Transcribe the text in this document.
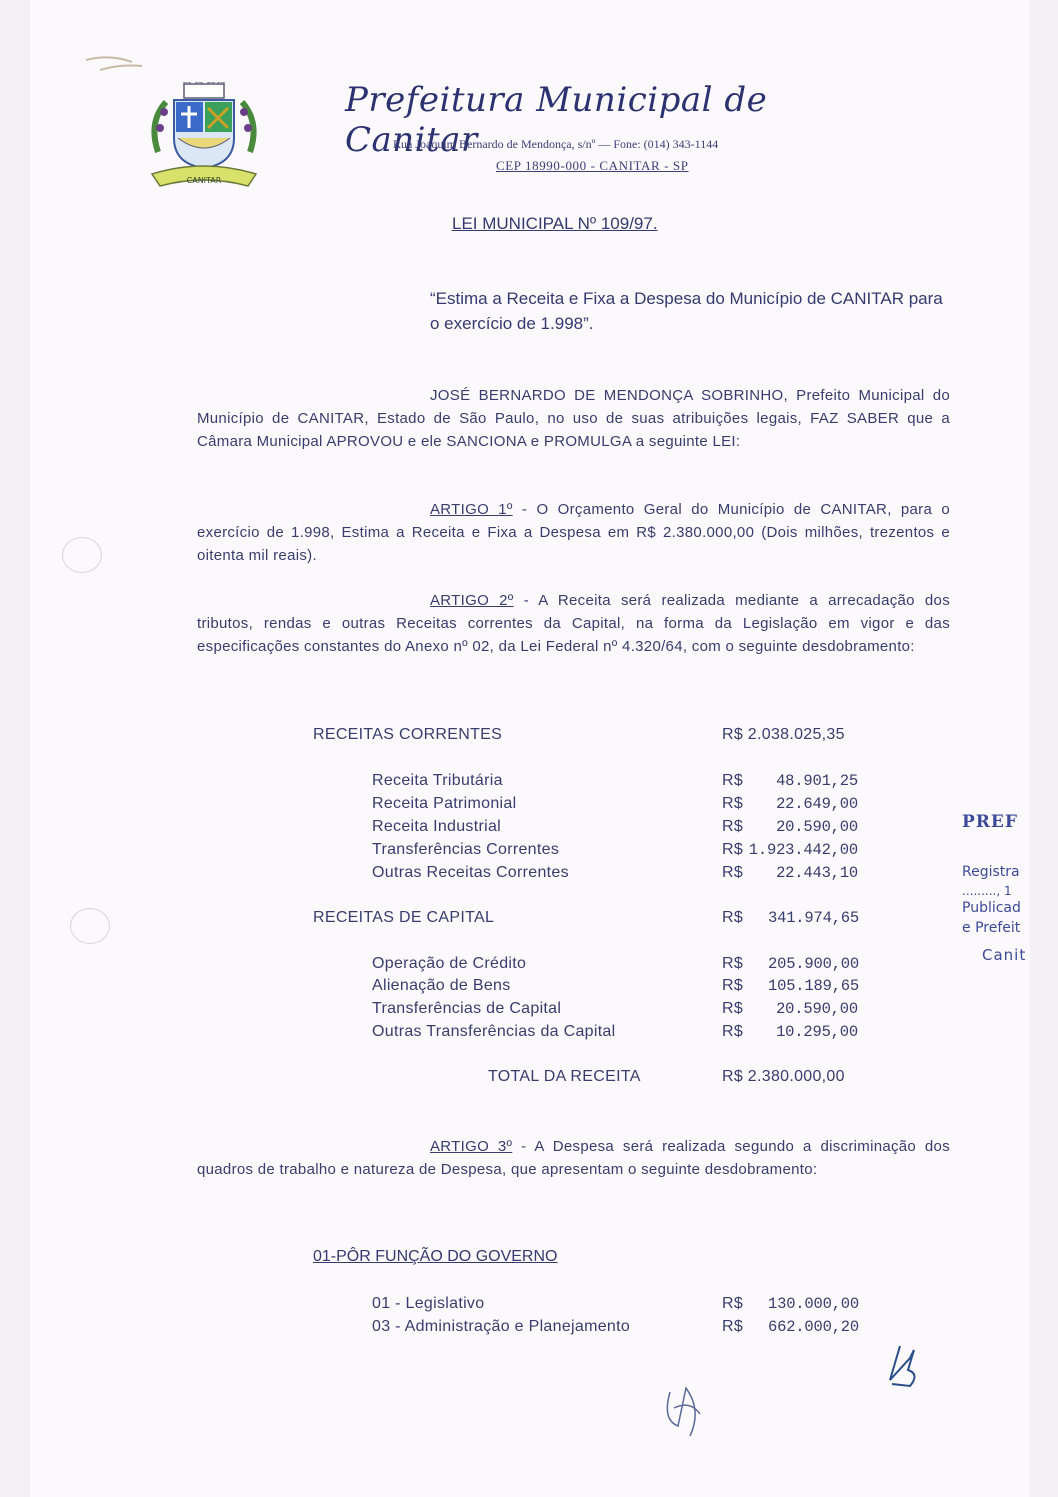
CANITAR
Prefeitura Municipal de Canitar
Rua Joaquim Bernardo de Mendonça, s/nº — Fone: (014) 343-1144
CEP 18990-000 - CANITAR - SP
LEI MUNICIPAL Nº 109/97.
“Estima a Receita e Fixa a Despesa do Município de CANITAR para o exercício de 1.998”.
JOSÉ BERNARDO DE MENDONÇA SOBRINHO, Prefeito Municipal do Município de CANITAR, Estado de São Paulo, no uso de suas atribuições legais, FAZ SABER que a Câmara Municipal APROVOU e ele SANCIONA e PROMULGA a seguinte LEI:
ARTIGO 1º - O Orçamento Geral do Município de CANITAR, para o exercício de 1.998, Estima a Receita e Fixa a Despesa em R$ 2.380.000,00 (Dois milhões, trezentos e oitenta mil reais).
ARTIGO 2º - A Receita será realizada mediante a arrecadação dos tributos, rendas e outras Receitas correntes da Capital, na forma da Legislação em vigor e das especificações constantes do Anexo nº 02, da Lei Federal nº 4.320/64, com o seguinte desdobramento:
RECEITAS CORRENTES	R$ 2.038.025,35
Receita Tributária	R$	48.901,25
Receita Patrimonial	R$	22.649,00
Receita Industrial	R$	20.590,00
Transferências Correntes	R$ 1.923.442,00
Outras Receitas Correntes	R$	22.443,10
RECEITAS DE CAPITAL	R$ 341.974,65
Operação de Crédito	R$ 205.900,00
Alienação de Bens	R$ 105.189,65
Transferências de Capital	R$	20.590,00
Outras Transferências da Capital	R$	10.295,00
TOTAL DA RECEITA	R$ 2.380.000,00
ARTIGO 3º - A Despesa será realizada segundo a discriminação dos quadros de trabalho e natureza de Despesa, que apresentam o seguinte desdobramento:
01-PÔR FUNÇÃO DO GOVERNO
01 - Legislativo	R$ 130.000,00
03 - Administração e Planejamento	R$ 662.000,20
PREF
Registra
........., 1
Publicad
e Prefeit
Canit
